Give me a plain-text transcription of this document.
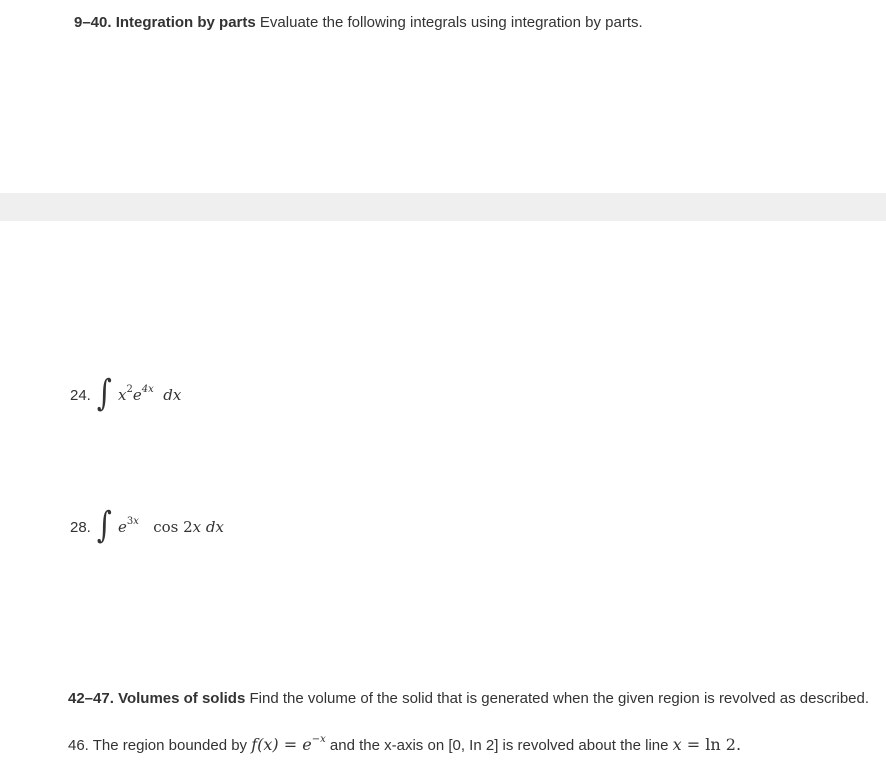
9–40. Integration by parts Evaluate the following integrals using integration by parts.
24. ∫ $x^2e^{4x}$  dx
28. ∫ $e^{3x}$ cos 2x dx
42–47. Volumes of solids Find the volume of the solid that is generated when the given region is revolved as described.
46. The region bounded by $f(x) = e^{-x}$ and the x-axis on [0, In 2] is revolved about the line x = ln 2.
